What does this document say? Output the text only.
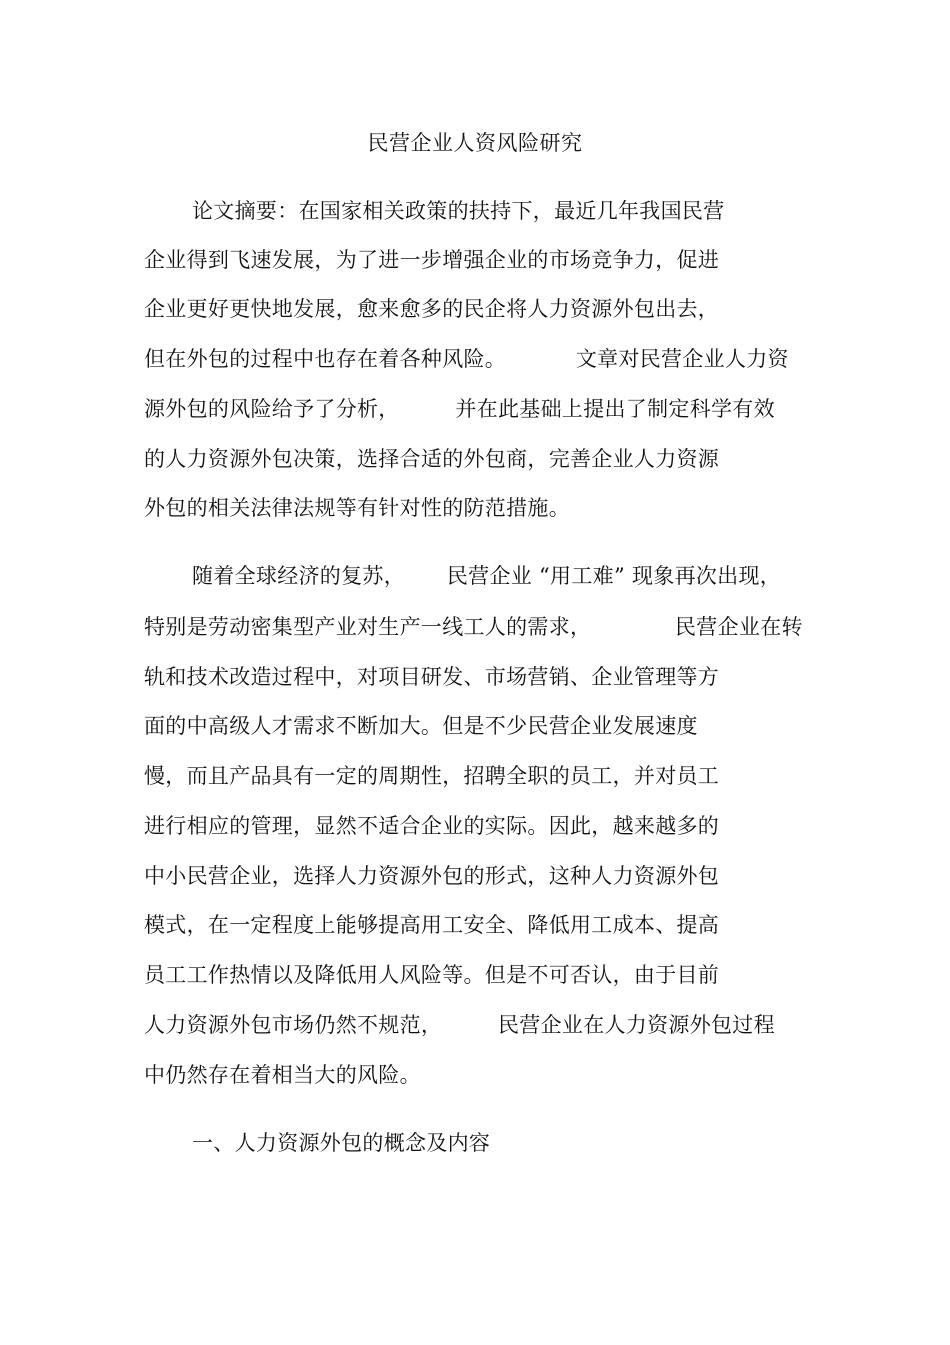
民营企业人资风险研究
论文摘要：在国家相关政策的扶持下，最近几年我国民营
企业得到飞速发展，为了进一步增强企业的市场竞争力，促进
企业更好更快地发展，愈来愈多的民企将人力资源外包出去，
但在外包的过程中也存在着各种风险。          文章对民营企业人力资
源外包的风险给予了分析，        并在此基础上提出了制定科学有效
的人力资源外包决策，选择合适的外包商，完善企业人力资源
外包的相关法律法规等有针对性的防范措施。
随着全球经济的复苏，      民营企业 “用工难” 现象再次出现，
特别是劳动密集型产业对生产一线工人的需求，            民营企业在转
轨和技术改造过程中，对项目研发、市场营销、企业管理等方
面的中高级人才需求不断加大。但是不少民营企业发展速度
慢，而且产品具有一定的周期性，招聘全职的员工，并对员工
进行相应的管理，显然不适合企业的实际。因此，越来越多的
中小民营企业，选择人力资源外包的形式，这种人力资源外包
模式，在一定程度上能够提高用工安全、降低用工成本、提高
员工工作热情以及降低用人风险等。但是不可否认，由于目前
人力资源外包市场仍然不规范，        民营企业在人力资源外包过程
中仍然存在着相当大的风险。
一、人力资源外包的概念及内容
